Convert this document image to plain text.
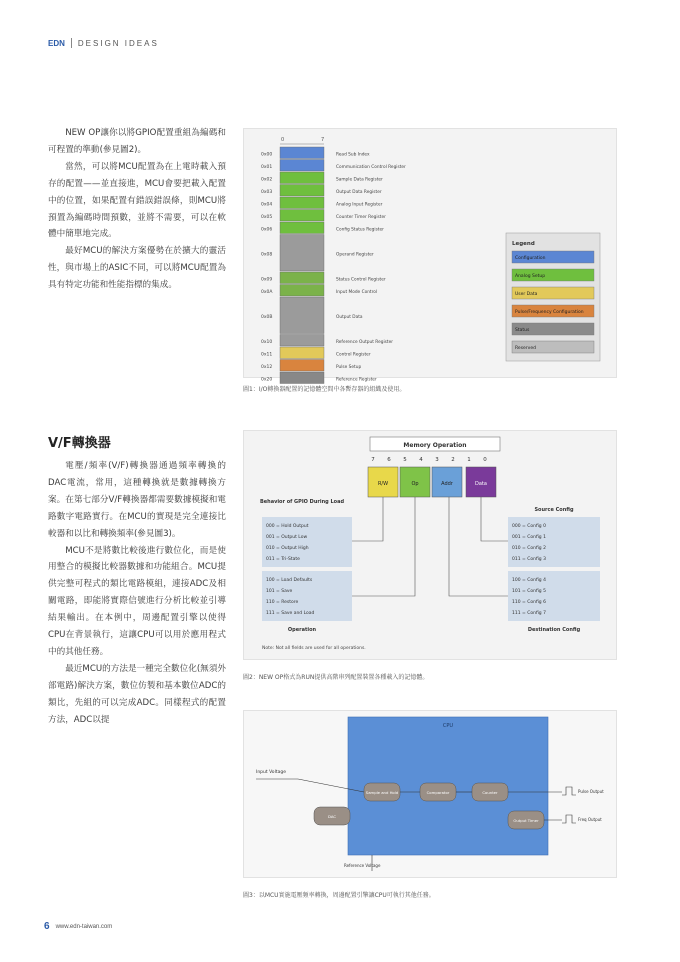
EDN DESIGN IDEAS

NEW OP讓你以將GPIO配置重組為編碼和可程置的準動(參見圖2)。

當然，可以將MCU配置為在上電時載入預存的配置——並直接進，MCU會要把載入配置中的位置，如果配置有錯誤錯誤條，則MCU將預置為編碼時間預數，並將不需要，可以在軟體中簡單地完成。

最好MCU的解決方案優勢在於擴大的靈活性，與市場上的ASIC不同，可以將MCU配置為具有特定功能和性能指標的集成。

V/F轉換器

電壓/頻率(V/F)轉換器通過頻率轉換的DAC電流，常用，這種轉換就是數據轉換方案。在第七部分V/F轉換器都需要數據模擬和電路數字電路實行。在MCU的實現是完全連接比較器和以比和轉換頻率(參見圖3)。

MCU不是將數比較後進行數位化，而是使用整合的模擬比較器數據和功能組合。MCU提供完整可程式的類比電路模組，連接ADC及相關電路，即能將實際信號進行分析比較並引導結果輸出。在本例中，周邊配置引擎以使得CPU在背景執行，這讓CPU可以用於應用程式中的其他任務。

最近MCU的方法是一種完全數位化(無須外部電路)解決方案，數位仿製和基本數位ADC的類比，先組的可以完成ADC。同樣程式的配置方法，ADC以提

0	7
0x00	Read Sub Index
0x01	Communication Control Register
0x02	Sample Data Register
0x03	Output Data Register
0x04	Analog Input Register
0x05	Counter Timer Register
0x06	Config Status Register
0x08	Operand Register
0x09	Status Control Register
0x0A	Input Mode Control
0x0B	Output Data
0x10	Reference Output Register
0x11	Control Register
0x12	Pulse Setup
0x20	Reference Register
Legend
Configuration
Analog Setup
User Data
Pulse/Frequency Configuration
Status
Reserved
圖1：I/O轉換器配置的記憶體空間中各暫存器的組織及使用。
Memory Operation
7 6 5 4 3 2 1 0
R/W	Op	Addr	Data
Behavior of GPIO During Load
000 = Hold Output
001 = Output Low
010 = Output High
011 = Tri-State
100 = Load Defaults
101 = Save
110 = Restore
111 = Save and Load
Operation
Source Config
000 = Config 0
001 = Config 1
010 = Config 2
011 = Config 3
100 = Config 4
101 = Config 5
110 = Config 6
111 = Config 7
Destination Config
Note: Not all fields are used for all operations.
圖2：NEW OP格式為RUN提供高階串列配置裝置各種載入的記憶體。
CPU
Input Voltage
Sample and Hold	Comparator	Counter
Output Timer
DAC
Pulse Output
Freq Output
Reference Voltage
圖3：以MCU實施電壓頻率轉換，周邊配置引擎讓CPU可執行其他任務。
6 www.edn-taiwan.com
